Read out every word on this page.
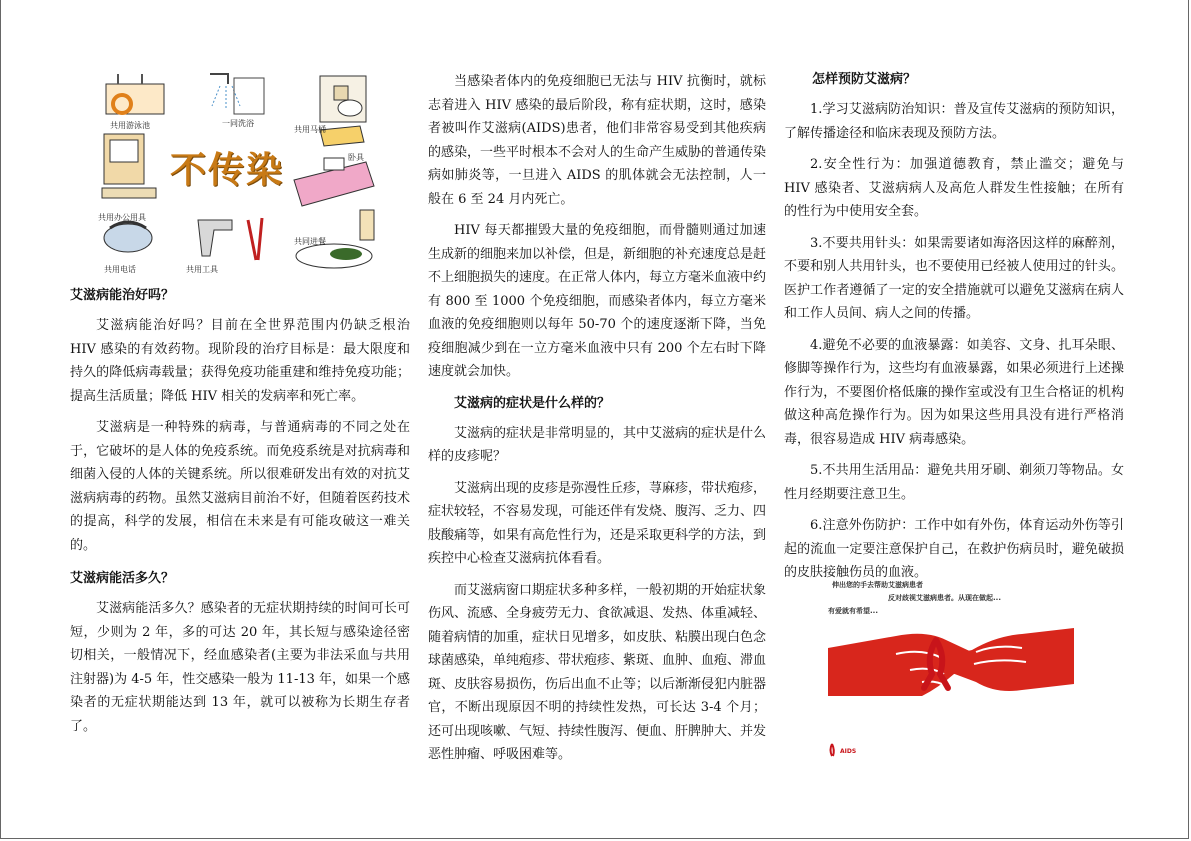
不传染
共用游泳池	一同洗浴
共用马桶
卧具
共用办公用具
共用电话	共用工具
共同进餐
艾滋病能治好吗？

艾滋病能治好吗？目前在全世界范围内仍缺乏根治 HIV 感染的有效药物。现阶段的治疗目标是：最大限度和持久的降低病毒载量；获得免疫功能重建和维持免疫功能；提高生活质量；降低 HIV 相关的发病率和死亡率。

艾滋病是一种特殊的病毒，与普通病毒的不同之处在于，它破坏的是人体的免疫系统。而免疫系统是对抗病毒和细菌入侵的人体的关键系统。所以很难研发出有效的对抗艾滋病病毒的药物。虽然艾滋病目前治不好，但随着医药技术的提高，科学的发展，相信在未来是有可能攻破这一难关的。

艾滋病能活多久？

艾滋病能活多久？感染者的无症状期持续的时间可长可短，少则为 2 年，多的可达 20 年，其长短与感染途径密切相关，一般情况下，经血感染者(主要为非法采血与共用注射器)为 4-5 年，性交感染一般为 11-13 年，如果一个感染者的无症状期能达到 13 年，就可以被称为长期生存者了。

当感染者体内的免疫细胞已无法与 HIV 抗衡时，就标志着进入 HIV 感染的最后阶段，称有症状期，这时，感染者被叫作艾滋病(AIDS)患者，他们非常容易受到其他疾病的感染，一些平时根本不会对人的生命产生威胁的普通传染病如肺炎等，一旦进入 AIDS 的肌体就会无法控制，人一般在 6 至 24 月内死亡。

HIV 每天都摧毁大量的免疫细胞，而骨髓则通过加速生成新的细胞来加以补偿，但是，新细胞的补充速度总是赶不上细胞损失的速度。在正常人体内，每立方毫米血液中约有 800 至 1000 个免疫细胞，而感染者体内，每立方毫米血液的免疫细胞则以每年 50-70 个的速度逐渐下降，当免疫细胞减少到在一立方毫米血液中只有 200 个左右时下降速度就会加快。

艾滋病的症状是什么样的？

艾滋病的症状是非常明显的，其中艾滋病的症状是什么样的皮疹呢？

艾滋病出现的皮疹是弥漫性丘疹，荨麻疹，带状疱疹，症状较轻，不容易发现，可能还伴有发烧、腹泻、乏力、四肢酸痛等，如果有高危性行为，还是采取更科学的方法，到疾控中心检查艾滋病抗体看看。

而艾滋病窗口期症状多种多样，一般初期的开始症状象伤风、流感、全身疲劳无力、食欲减退、发热、体重减轻、随着病情的加重，症状日见增多，如皮肤、粘膜出现白色念球菌感染，单纯疱疹、带状疱疹、紫斑、血肿、血疱、滞血斑、皮肤容易损伤，伤后出血不止等；以后渐渐侵犯内脏器官，不断出现原因不明的持续性发热，可长达 3-4 个月；还可出现咳嗽、气短、持续性腹泻、便血、肝脾肿大、并发恶性肿瘤、呼吸困难等。

怎样预防艾滋病？

1.学习艾滋病防治知识：普及宣传艾滋病的预防知识，了解传播途径和临床表现及预防方法。

2.安全性行为：加强道德教育，禁止滥交；避免与 HIV 感染者、艾滋病病人及高危人群发生性接触；在所有的性行为中使用安全套。

3.不要共用针头：如果需要诸如海洛因这样的麻醉剂，不要和别人共用针头，也不要使用已经被人使用过的针头。医护工作者遵循了一定的安全措施就可以避免艾滋病在病人和工作人员间、病人之间的传播。

4.避免不必要的血液暴露：如美容、文身、扎耳朵眼、修脚等操作行为，这些均有血液暴露，如果必须进行上述操作行为，不要图价格低廉的操作室或没有卫生合格证的机构做这种高危操作行为。因为如果这些用具没有进行严格消毒，很容易造成 HIV 病毒感染。

5.不共用生活用品：避免共用牙刷、剃须刀等物品。女性月经期要注意卫生。

6.注意外伤防护：工作中如有外伤，体育运动外伤等引起的流血一定要注意保护自己，在救护伤病员时，避免破损的皮肤接触伤员的血液。

伸出您的手去帮助艾滋病患者
反对歧视艾滋病患者。从现在做起...
有爱就有希望...
AIDS
